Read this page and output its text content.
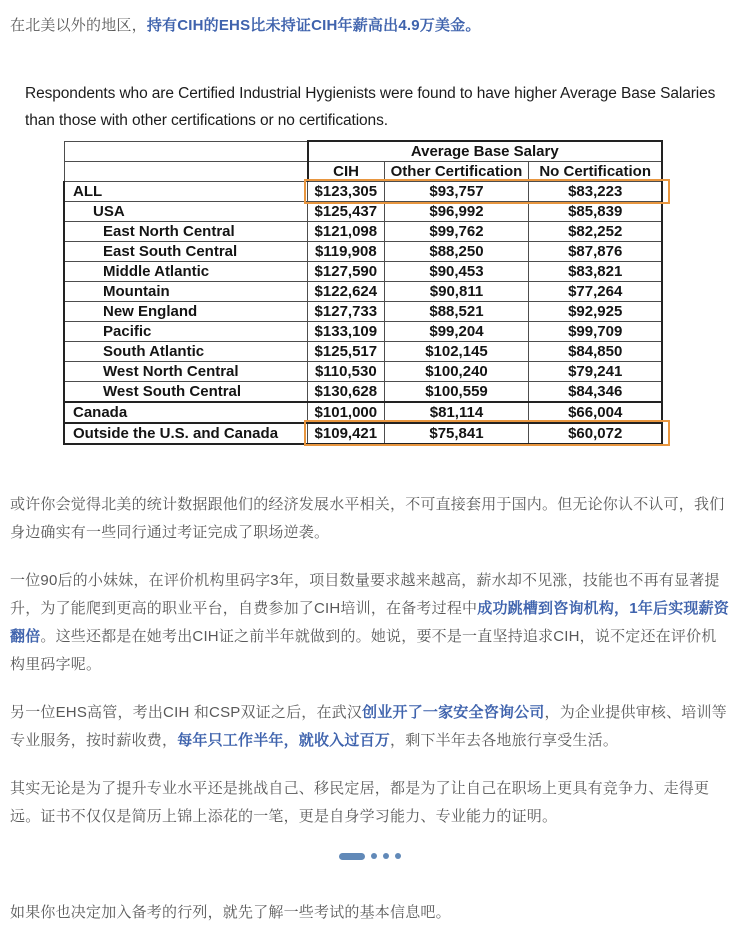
在北美以外的地区，持有CIH的EHS比未持证CIH年薪高出4.9万美金。

Respondents who are Certified Industrial Hygienists were found to have higher Average Base Salaries than those with other certifications or no certifications.
	Average Base Salary		
	CIH	Other Certification	No Certification
ALL	$123,305	$93,757	$83,223
USA	$125,437	$96,992	$85,839
East North Central	$121,098	$99,762	$82,252
East South Central	$119,908	$88,250	$87,876
Middle Atlantic	$127,590	$90,453	$83,821
Mountain	$122,624	$90,811	$77,264
New England	$127,733	$88,521	$92,925
Pacific	$133,109	$99,204	$99,709
South Atlantic	$125,517	$102,145	$84,850
West North Central	$110,530	$100,240	$79,241
West South Central	$130,628	$100,559	$84,346
Canada	$101,000	$81,114	$66,004
Outside the U.S. and Canada	$109,421	$75,841	$60,072

或许你会觉得北美的统计数据跟他们的经济发展水平相关，不可直接套用于国内。但无论你认不认可，我们身边确实有一些同行通过考证完成了职场逆袭。

一位90后的小妹妹，在评价机构里码字3年，项目数量要求越来越高，薪水却不见涨，技能也不再有显著提升，为了能爬到更高的职业平台，自费参加了CIH培训，在备考过程中成功跳槽到咨询机构，1年后实现薪资翻倍。这些还都是在她考出CIH证之前半年就做到的。她说，要不是一直坚持追求CIH，说不定还在评价机构里码字呢。

另一位EHS高管，考出CIH 和CSP双证之后，在武汉创业开了一家安全咨询公司，为企业提供审核、培训等专业服务，按时薪收费，每年只工作半年，就收入过百万，剩下半年去各地旅行享受生活。

其实无论是为了提升专业水平还是挑战自己、移民定居，都是为了让自己在职场上更具有竞争力、走得更远。证书不仅仅是简历上锦上添花的一笔，更是自身学习能力、专业能力的证明。

如果你也决定加入备考的行列，就先了解一些考试的基本信息吧。
